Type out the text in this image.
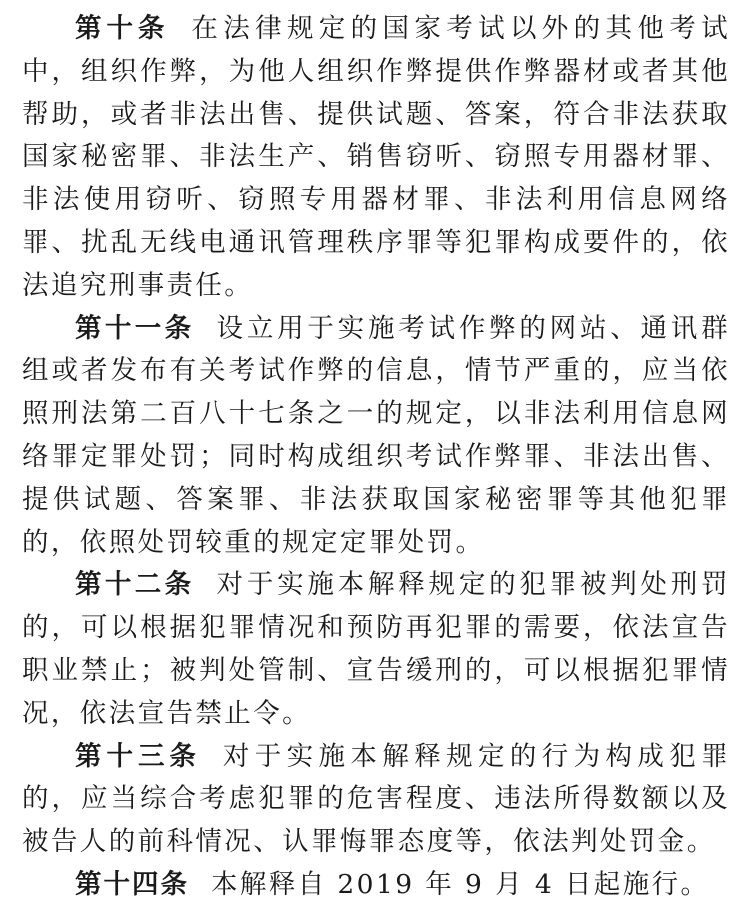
第十条 在法律规定的国家考试以外的其他考试中，组织作弊，为他人组织作弊提供作弊器材或者其他帮助，或者非法出售、提供试题、答案，符合非法获取国家秘密罪、非法生产、销售窃听、窃照专用器材罪、非法使用窃听、窃照专用器材罪、非法利用信息网络罪、扰乱无线电通讯管理秩序罪等犯罪构成要件的，依法追究刑事责任。

第十一条 设立用于实施考试作弊的网站、通讯群组或者发布有关考试作弊的信息，情节严重的，应当依照刑法第二百八十七条之一的规定，以非法利用信息网络罪定罪处罚；同时构成组织考试作弊罪、非法出售、提供试题、答案罪、非法获取国家秘密罪等其他犯罪的，依照处罚较重的规定定罪处罚。

第十二条 对于实施本解释规定的犯罪被判处刑罚的，可以根据犯罪情况和预防再犯罪的需要，依法宣告职业禁止；被判处管制、宣告缓刑的，可以根据犯罪情况，依法宣告禁止令。

第十三条 对于实施本解释规定的行为构成犯罪的，应当综合考虑犯罪的危害程度、违法所得数额以及被告人的前科情况、认罪悔罪态度等，依法判处罚金。

第十四条 本解释自 2019 年 9 月 4 日起施行。
